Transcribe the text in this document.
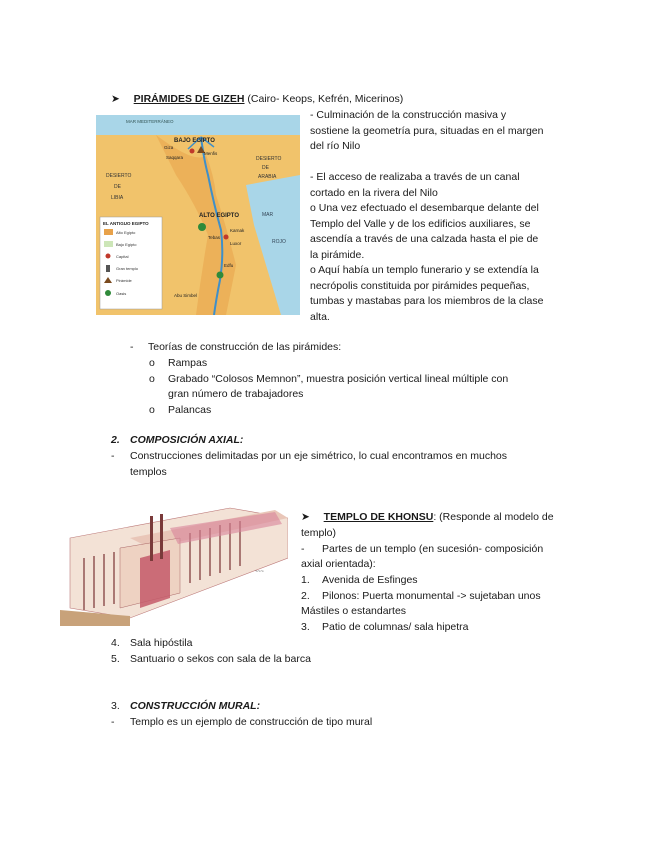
➤ PIRÁMIDES DE GIZEH (Cairo- Keops, Kefrén, Micerinos)
MAR MEDITERRÁNEO
BAJO EGIPTO
ALTO EGIPTO
DESIERTO
DE
LIBIA
DESIERTO
DE
ARABIA
MAR
ROJO
Giza
Menfis
Saqqara
Tebas
Karnak
Luxor
Edfu
Abu Simbel
EL ANTIGUO EGIPTO
Alto Egipto
Bajo Egipto
Capital
Gran templo
Pirámide
Oasis
- Culminación de la construcción masiva y
sostiene la geometría pura, situadas en el margen
del río Nilo
- El acceso de realizaba a través de un canal
cortado en la rivera del Nilo
o Una vez efectuado el desembarque delante del
Templo del Valle y de los edificios auxiliares, se
ascendía a través de una calzada hasta el pie de
la pirámide.
o Aquí había un templo funerario y se extendía la
necrópolis constituida por pirámides pequeñas,
tumbas y mastabas para los miembros de la clase
alta.
- Teorías de construcción de las pirámides:
o Rampas
o Grabado “Colosos Memnon”, muestra posición vertical lineal múltiple con
gran número de trabajadores
o Palancas
2. COMPOSICIÓN AXIAL:
- Construcciones delimitadas por un eje simétrico, lo cual encontramos en muchos
templos
~~~
➤ TEMPLO DE KHONSU: (Responde al modelo de
templo)
- Partes de un templo (en sucesión- composición
axial orientada):
1. Avenida de Esfinges
2. Pilonos: Puerta monumental -> sujetaban unos
Mástiles o estandartes
3. Patio de columnas/ sala hipetra
4. Sala hipóstila
5. Santuario o sekos con sala de la barca
3. CONSTRUCCIÓN MURAL:
- Templo es un ejemplo de construcción de tipo mural
